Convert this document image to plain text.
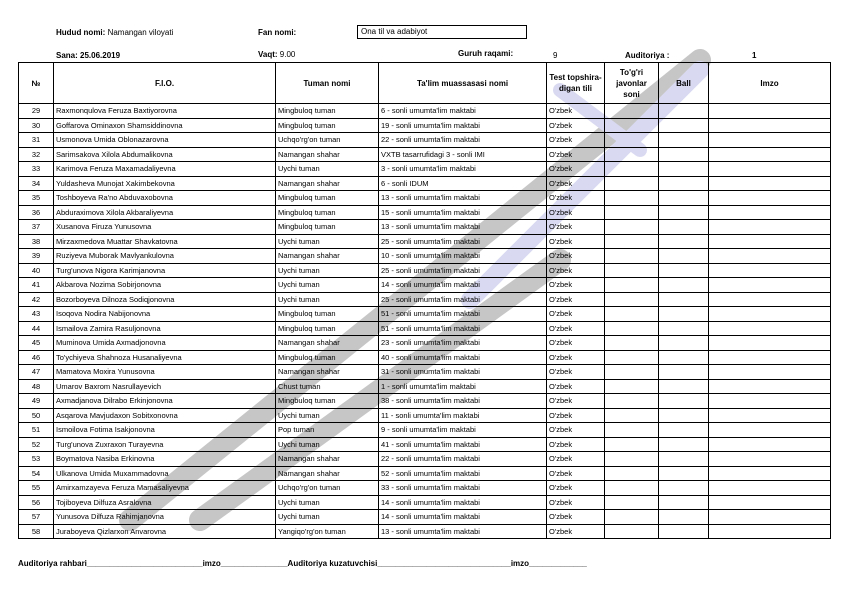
Hudud nomi: Namangan viloyati	Fan nomi:	Ona til va adabiyot
Sana: 25.06.2019	Vaqt: 9.00	Guruh raqami:	9	Auditoriya :	1
№	F.I.O.	Tuman nomi	Ta'lim muassasasi nomi	Test topshira-digan tili	To'g'ri javonlar soni	Ball	Imzo
29	Raxmonqulova Feruza Baxtiyorovna	Mingbuloq tuman	6 - sonli umumta'lim maktabi	O'zbek			
30	Goffarova Ominaxon Shamsiddinovna	Mingbuloq tuman	19 - sonli umumta'lim maktabi	O'zbek			
31	Usmonova Umida Oblonazarovna	Uchqo'rg'on tuman	22 - sonli umumta'lim maktabi	O'zbek			
32	Sarimsakova Xilola Abdumalikovna	Namangan shahar	VXTB tasarrufidagi 3 - sonli IMI	O'zbek			
33	Karimova Feruza Maxamadaliyevna	Uychi tuman	3 - sonli umumta'lim maktabi	O'zbek			
34	Yuldasheva Munojat Xakimbekovna	Namangan shahar	6 - sonli IDUM	O'zbek			
35	Toshboyeva Ra'no Abduvaxobovna	Mingbuloq tuman	13 - sonli umumta'lim maktabi	O'zbek			
36	Abduraximova Xilola Akbaraliyevna	Mingbuloq tuman	15 - sonli umumta'lim maktabi	O'zbek			
37	Xusanova Firuza Yunusovna	Mingbuloq tuman	13 - sonli umumta'lim maktabi	O'zbek			
38	Mirzaxmedova Muattar Shavkatovna	Uychi tuman	25 - sonli umumta'lim maktabi	O'zbek			
39	Ruziyeva Muborak Mavlyankulovna	Namangan shahar	10 - sonli umumta'lim maktabi	O'zbek			
40	Turg'unova Nigora Karimjanovna	Uychi tuman	25 - sonli umumta'lim maktabi	O'zbek			
41	Akbarova Nozima Sobirjonovna	Uychi tuman	14 - sonli umumta'lim maktabi	O'zbek			
42	Bozorboyeva Dilnoza Sodiqjonovna	Uychi tuman	25 - sonli umumta'lim maktabi	O'zbek			
43	Isoqova Nodira Nabijonovna	Mingbuloq tuman	51 - sonli umumta'lim maktabi	O'zbek			
44	Ismailova Zamira Rasuljonovna	Mingbuloq tuman	51 - sonli umumta'lim maktabi	O'zbek			
45	Muminova Umida Axmadjonovna	Namangan shahar	23 - sonli umumta'lim maktabi	O'zbek			
46	To'ychiyeva Shahnoza Husanaliyevna	Mingbuloq tuman	40 - sonli umumta'lim maktabi	O'zbek			
47	Mamatova Moxira Yunusovna	Namangan shahar	31 - sonli umumta'lim maktabi	O'zbek			
48	Umarov Baxrom Nasrullayevich	Chust tuman	1 - sonli umumta'lim maktabi	O'zbek			
49	Axmadjanova Dilrabo Erkinjonovna	Mingbuloq tuman	38 - sonli umumta'lim maktabi	O'zbek			
50	Asqarova Mavjudaxon Sobitxonovna	Uychi tuman	11 - sonli umumta'lim maktabi	O'zbek			
51	Ismoilova Fotima Isakjonovna	Pop tuman	9 - sonli umumta'lim maktabi	O'zbek			
52	Turg'unova Zuxraxon Turayevna	Uychi tuman	41 - sonli umumta'lim maktabi	O'zbek			
53	Boymatova Nasiba Erkinovna	Namangan shahar	22 - sonli umumta'lim maktabi	O'zbek			
54	Ulkanova Umida Muxammadovna	Namangan shahar	52 - sonli umumta'lim maktabi	O'zbek			
55	Amirxamzayeva Feruza Mamasaliyevna	Uchqo'rg'on tuman	33 - sonli umumta'lim maktabi	O'zbek			
56	Tojiboyeva Dilfuza Asralovna	Uychi tuman	14 - sonli umumta'lim maktabi	O'zbek			
57	Yunusova Dilfuza Rahimjanovna	Uychi tuman	14 - sonli umumta'lim maktabi	O'zbek			
58	Juraboyeva Qizlarxon Anvarovna	Yangiqo'rg'on tuman	13 - sonli umumta'lim maktabi	O'zbek			
Auditoriya rahbari__________________________imzo_______________Auditoriya kuzatuvchisi______________________________imzo_____________
